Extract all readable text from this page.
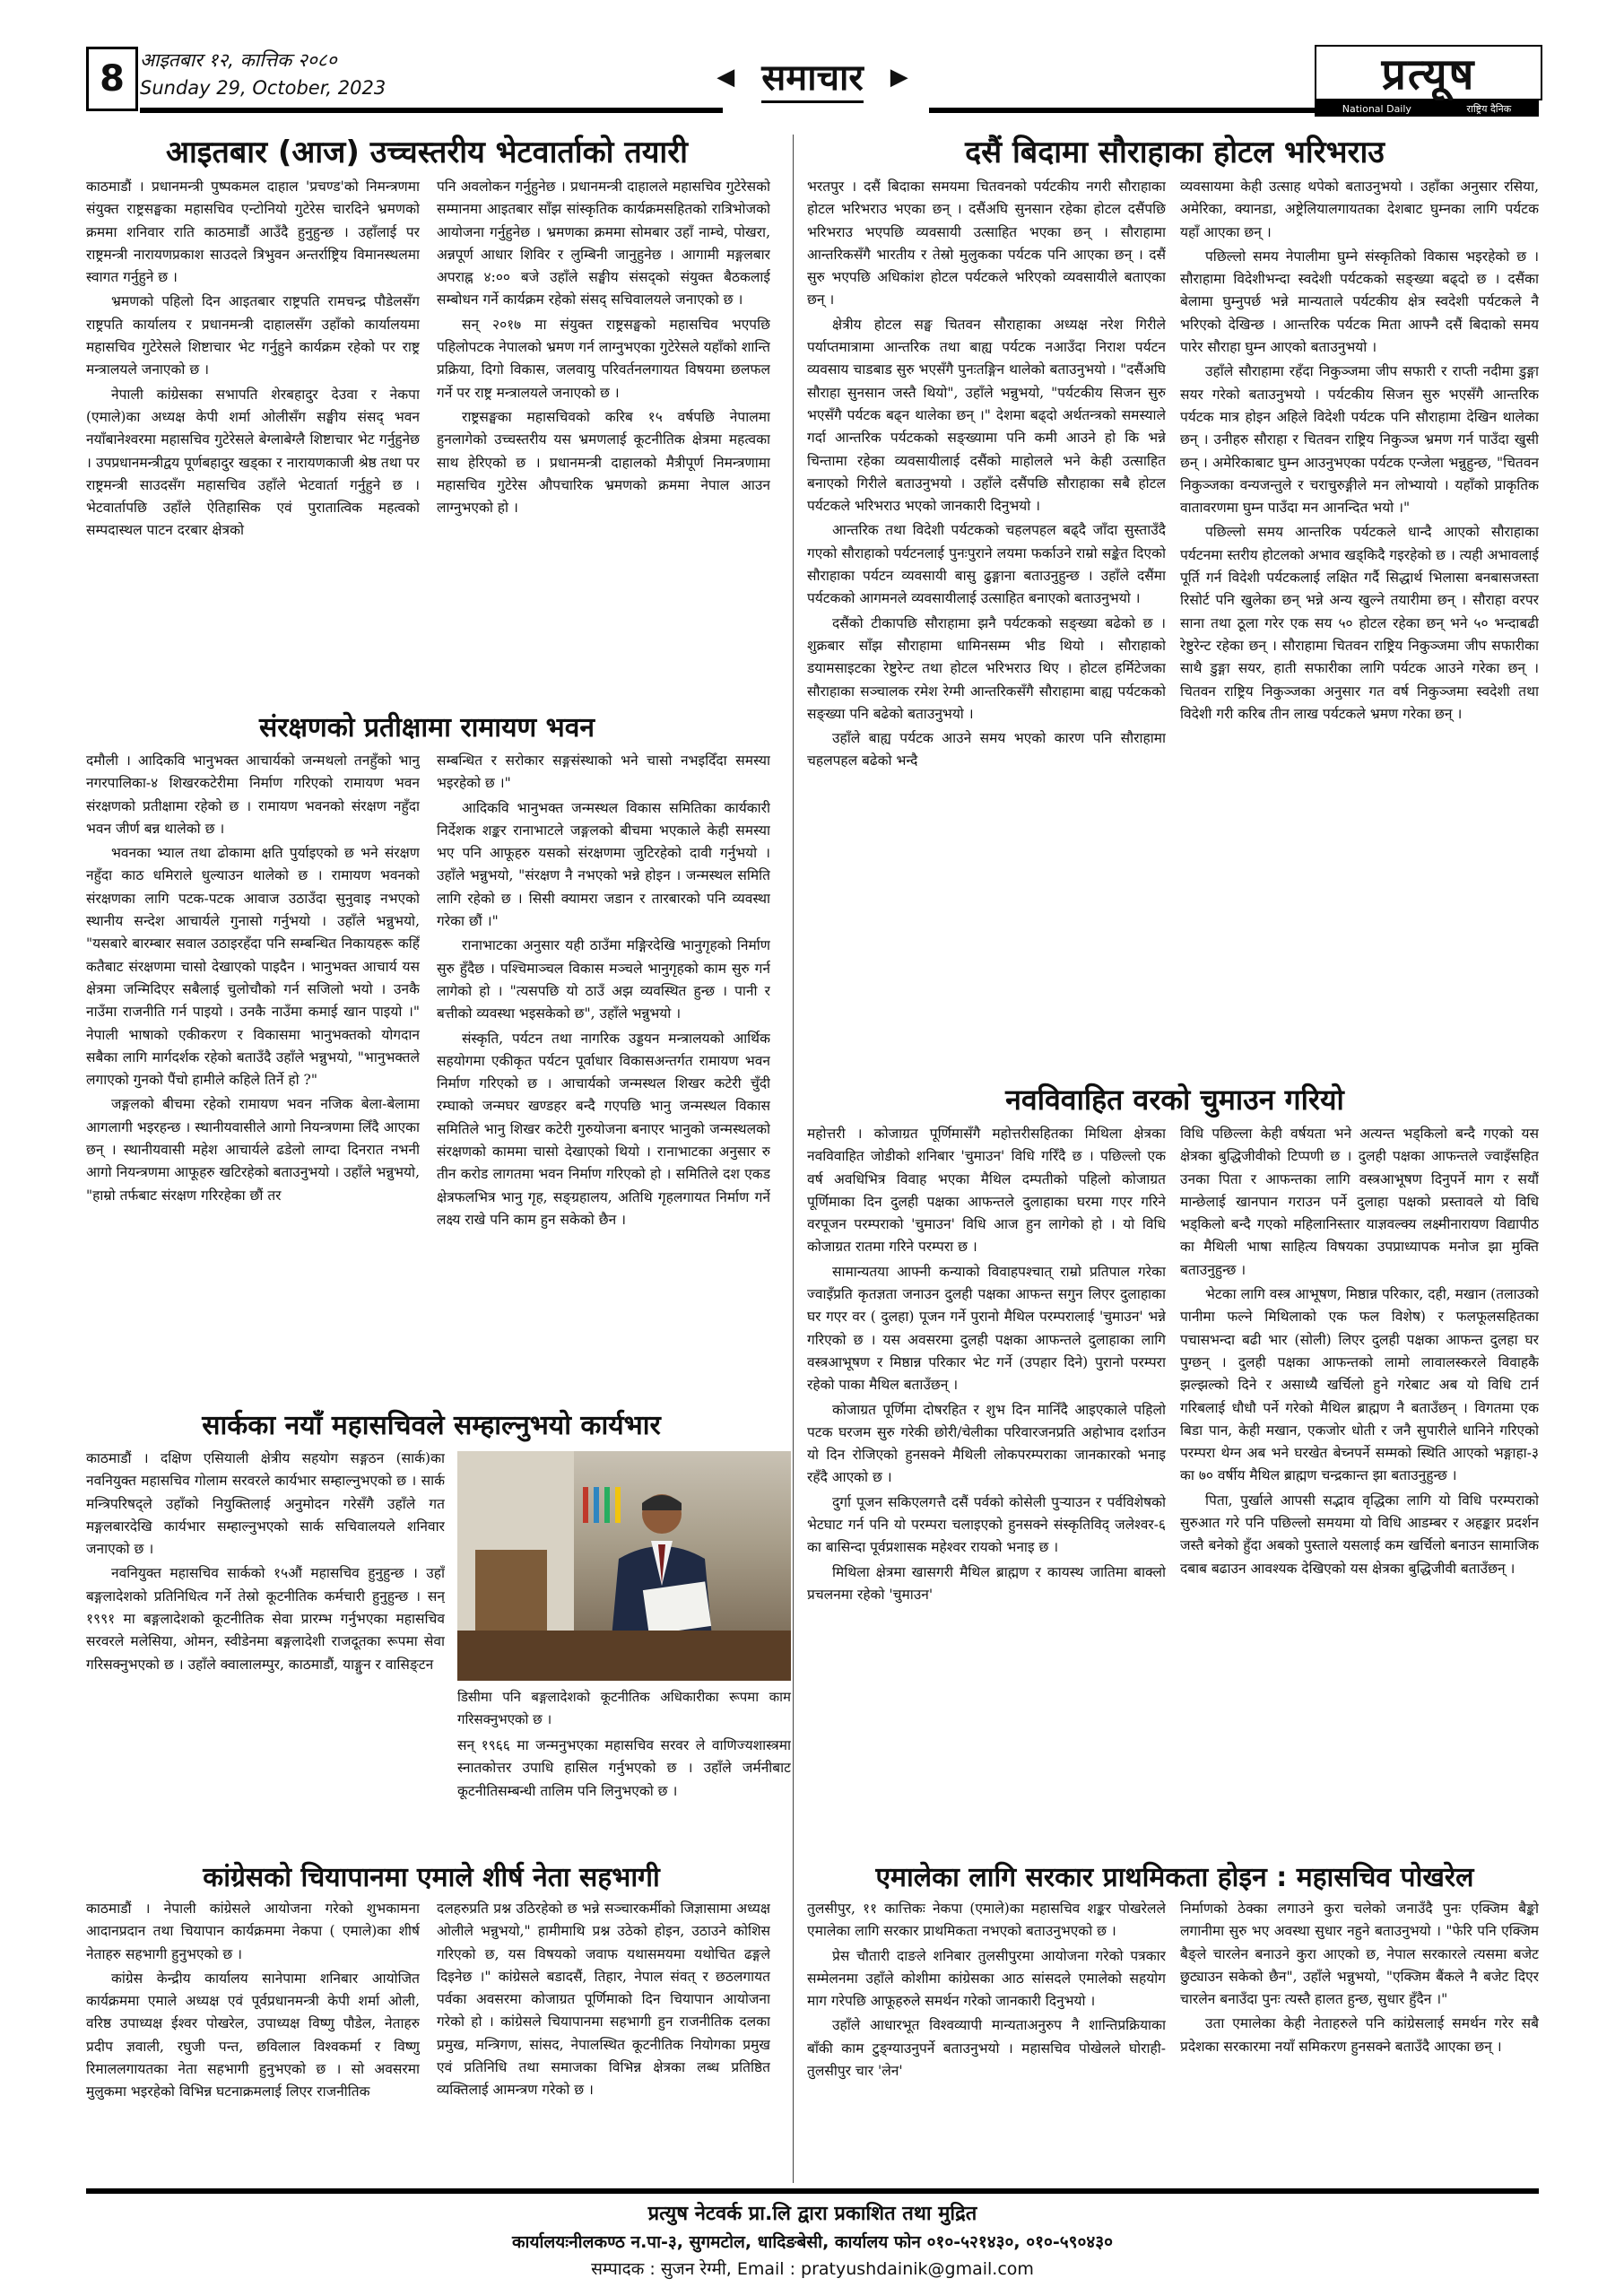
8 आइतबार १२, कात्तिक २०८०
Sunday 29, October, 2023	◀ समाचार ▶	प्रत्यूष
National Daily	राष्ट्रिय दैनिक
आइतबार (आज) उच्चस्तरीय भेटवार्ताको तयारी

काठमाडौं । प्रधानमन्त्री पुष्पकमल दाहाल 'प्रचण्ड'को निमन्त्रणमा संयुक्त राष्ट्रसङ्घका महासचिव एन्टोनियो गुटेरेस चारदिने भ्रमणको क्रममा शनिवार राति काठमाडौं आउँदै हुनुहुन्छ । उहाँलाई पर राष्ट्रमन्त्री नारायणप्रकाश साउदले त्रिभुवन अन्तर्राष्ट्रिय विमानस्थलमा स्वागत गर्नुहुने छ ।

भ्रमणको पहिलो दिन आइतबार राष्ट्रपति रामचन्द्र पौडेलसँग राष्ट्रपति कार्यालय र प्रधानमन्त्री दाहालसँग उहाँको कार्यालयमा महासचिव गुटेरेसले शिष्टाचार भेट गर्नुहुने कार्यक्रम रहेको पर राष्ट्र मन्त्रालयले जनाएको छ ।

नेपाली कांग्रेसका सभापति शेरबहादुर देउवा र नेकपा (एमाले)का अध्यक्ष केपी शर्मा ओलीसँग सङ्घीय संसद् भवन नयाँबानेश्वरमा महासचिव गुटेरेसले बेग्लाबेग्लै शिष्टाचार भेट गर्नुहुनेछ । उपप्रधानमन्त्रीद्वय पूर्णबहादुर खड्का र नारायणकाजी श्रेष्ठ तथा पर राष्ट्रमन्त्री साउदसँग महासचिव उहाँले भेटवार्ता गर्नुहुने छ । भेटवार्तापछि उहाँले ऐतिहासिक एवं पुरातात्विक महत्वको सम्पदास्थल पाटन दरबार क्षेत्रको

पनि अवलोकन गर्नुहुनेछ । प्रधानमन्त्री दाहालले महासचिव गुटेरेसको सम्मानमा आइतबार साँझ सांस्कृतिक कार्यक्रमसहितको रात्रिभोजको आयोजना गर्नुहुनेछ । भ्रमणका क्रममा सोमबार उहाँ नाम्चे, पोखरा, अन्नपूर्ण आधार शिविर र लुम्बिनी जानुहुनेछ । आगामी मङ्गलबार अपराह्न ४:०० बजे उहाँले सङ्घीय संसद्को संयुक्त बैठकलाई सम्बोधन गर्ने कार्यक्रम रहेको संसद् सचिवालयले जनाएको छ ।

सन् २०१७ मा संयुक्त राष्ट्रसङ्घको महासचिव भएपछि पहिलोपटक नेपालको भ्रमण गर्न लाग्नुभएका गुटेरेसले यहाँको शान्ति प्रक्रिया, दिगो विकास, जलवायु परिवर्तनलगायत विषयमा छलफल गर्ने पर राष्ट्र मन्त्रालयले जनाएको छ ।

राष्ट्रसङ्घका महासचिवको करिब १५ वर्षपछि नेपालमा हुनलागेको उच्चस्तरीय यस भ्रमणलाई कूटनीतिक क्षेत्रमा महत्वका साथ हेरिएको छ । प्रधानमन्त्री दाहालको मैत्रीपूर्ण निमन्त्रणामा महासचिव गुटेरेस औपचारिक भ्रमणको क्रममा नेपाल आउन लाग्नुभएको हो ।

संरक्षणको प्रतीक्षामा रामायण भवन

दमौली । आदिकवि भानुभक्त आचार्यको जन्मथलो तनहुँको भानु नगरपालिका-४ शिखरकटेरीमा निर्माण गरिएको रामायण भवन संरक्षणको प्रतीक्षामा रहेको छ । रामायण भवनको संरक्षण नहुँदा भवन जीर्ण बन्न थालेको छ ।

भवनका भ्याल तथा ढोकामा क्षति पुर्याइएको छ भने संरक्षण नहुँदा काठ धमिराले धुल्याउन थालेको छ । रामायण भवनको संरक्षणका लागि पटक-पटक आवाज उठाउँदा सुनुवाइ नभएको स्थानीय सन्देश आचार्यले गुनासो गर्नुभयो । उहाँले भन्नुभयो, "यसबारे बारम्बार सवाल उठाइरहँदा पनि सम्बन्धित निकायहरू कहिँ कतैबाट संरक्षणमा चासो देखाएको पाइदैन । भानुभक्त आचार्य यस क्षेत्रमा जन्मिदिएर सबैलाई चुलोचौको गर्न सजिलो भयो । उनकै नाउँमा राजनीति गर्न पाइयो । उनकै नाउँमा कमाई खान पाइयो ।" नेपाली भाषाको एकीकरण र विकासमा भानुभक्तको योगदान सबैका लागि मार्गदर्शक रहेको बताउँदै उहाँले भन्नुभयो, "भानुभक्तले लगाएको गुनको पैंचो हामीले कहिले तिर्ने हो ?"

जङ्गलको बीचमा रहेको रामायण भवन नजिक बेला-बेलामा आगलागी भइरहन्छ । स्थानीयवासीले आगो नियन्त्रणमा लिँदै आएका छन् । स्थानीयवासी महेश आचार्यले ढडेलो लाग्दा दिनरात नभनी आगो नियन्त्रणमा आफूहरु खटिरहेको बताउनुभयो । उहाँले भन्नुभयो, "हाम्रो तर्फबाट संरक्षण गरिरहेका छौं तर

सम्बन्धित र सरोकार सङ्गसंस्थाको भने चासो नभइदिँदा समस्या भइरहेको छ ।"

आदिकवि भानुभक्त जन्मस्थल विकास समितिका कार्यकारी निर्देशक शङ्कर रानाभाटले जङ्गलको बीचमा भएकाले केही समस्या भए पनि आफूहरु यसको संरक्षणमा जुटिरहेको दावी गर्नुभयो । उहाँले भन्नुभयो, "संरक्षण नै नभएको भन्ने होइन । जन्मस्थल समिति लागि रहेको छ । सिसी क्यामरा जडान र तारबारको पनि व्यवस्था गरेका छौं ।"

रानाभाटका अनुसार यही ठाउँमा मङ्गिरदेखि भानुगृहको निर्माण सुरु हुँदैछ । पश्चिमाञ्चल विकास मञ्चले भानुगृहको काम सुरु गर्न लागेको हो । "त्यसपछि यो ठाउँ अझ व्यवस्थित हुन्छ । पानी र बत्तीको व्यवस्था भइसकेको छ", उहाँले भन्नुभयो ।

संस्कृति, पर्यटन तथा नागरिक उड्डयन मन्त्रालयको आर्थिक सहयोगमा एकीकृत पर्यटन पूर्वाधार विकासअन्तर्गत रामायण भवन निर्माण गरिएको छ । आचार्यको जन्मस्थल शिखर कटेरी चुँदी रम्घाको जन्मघर खण्डहर बन्दै गएपछि भानु जन्मस्थल विकास समितिले भानु शिखर कटेरी गुरुयोजना बनाएर भानुको जन्मस्थलको संरक्षणको काममा चासो देखाएको थियो । रानाभाटका अनुसार रु तीन करोड लागतमा भवन निर्माण गरिएको हो । समितिले दश एकड क्षेत्रफलभित्र भानु गृह, सङ्ग्रहालय, अतिथि गृहलगायत निर्माण गर्ने लक्ष्य राखे पनि काम हुन सकेको छैन ।

सार्कका नयाँ महासचिवले सम्हाल्नुभयो कार्यभार

काठमाडौं । दक्षिण एसियाली क्षेत्रीय सहयोग सङ्गठन (सार्क)का नवनियुक्त महासचिव गोलाम सरवरले कार्यभार सम्हाल्नुभएको छ । सार्क मन्त्रिपरिषद्ले उहाँको नियुक्तिलाई अनुमोदन गरेसँगै उहाँले गत मङ्गलबारदेखि कार्यभार सम्हाल्नुभएको सार्क सचिवालयले शनिवार जनाएको छ ।

नवनियुक्त महासचिव सार्कको १५औं महासचिव हुनुहुन्छ । उहाँ बङ्गलादेशको प्रतिनिधित्व गर्ने तेस्रो कूटनीतिक कर्मचारी हुनुहुन्छ । सन् १९९१ मा बङ्गलादेशको कूटनीतिक सेवा प्रारम्भ गर्नुभएका महासचिव सरवरले मलेसिया, ओमन, स्वीडेनमा बङ्गलादेशी राजदूतका रूपमा सेवा गरिसक्नुभएको छ । उहाँले क्वालालम्पुर, काठमाडौं, याङ्गुन र वासिङ्टन

डिसीमा पनि बङ्गलादेशको कूटनीतिक अधिकारीका रूपमा काम गरिसक्नुभएको छ ।

सन् १९६६ मा जन्मनुभएका महासचिव सरवर ले वाणिज्यशास्त्रमा स्नातकोत्तर उपाधि हासिल गर्नुभएको छ । उहाँले जर्मनीबाट कूटनीतिसम्बन्धी तालिम पनि लिनुभएको छ ।

कांग्रेसको चियापानमा एमाले शीर्ष नेता सहभागी

काठमाडौं । नेपाली कांग्रेसले आयोजना गरेको शुभकामना आदानप्रदान तथा चियापान कार्यक्रममा नेकपा ( एमाले)का शीर्ष नेताहरु सहभागी हुनुभएको छ ।

कांग्रेस केन्द्रीय कार्यालय सानेपामा शनिबार आयोजित कार्यक्रममा एमाले अध्यक्ष एवं पूर्वप्रधानमन्त्री केपी शर्मा ओली, वरिष्ठ उपाध्यक्ष ईश्वर पोखरेल, उपाध्यक्ष विष्णु पौडेल, नेताहरु प्रदीप ज्ञवाली, रघुजी पन्त, छविलाल विश्वकर्मा र विष्णु रिमाललगायतका नेता सहभागी हुनुभएको छ । सो अवसरमा मुलुकमा भइरहेको विभिन्न घटनाक्रमलाई लिएर राजनीतिक

दलहरुप्रति प्रश्न उठिरहेको छ भन्ने सञ्चारकर्मीको जिज्ञासामा अध्यक्ष ओलीले भन्नुभयो," हामीमाथि प्रश्न उठेको होइन, उठाउने कोशिस गरिएको छ, यस विषयको जवाफ यथासमयमा यथोचित ढङ्गले दिइनेछ ।" कांग्रेसले बडादसैं, तिहार, नेपाल संवत् र छठलगायत पर्वका अवसरमा कोजाग्रत पूर्णिमाको दिन चियापान आयोजना गरेको हो । कांग्रेसले चियापानमा सहभागी हुन राजनीतिक दलका प्रमुख, मन्त्रिगण, सांसद, नेपालस्थित कूटनीतिक नियोगका प्रमुख एवं प्रतिनिधि तथा समाजका विभिन्न क्षेत्रका लब्ध प्रतिष्ठित व्यक्तिलाई आमन्त्रण गरेको छ ।

दसैं बिदामा सौराहाका होटल भरिभराउ

भरतपुर । दसैं बिदाका समयमा चितवनको पर्यटकीय नगरी सौराहाका होटल भरिभराउ भएका छन् । दसैंअघि सुनसान रहेका होटल दसैंपछि भरिभराउ भएपछि व्यवसायी उत्साहित भएका छन् । सौराहामा आन्तरिकसँगै भारतीय र तेस्रो मुलुकका पर्यटक पनि आएका छन् । दसैं सुरु भएपछि अधिकांश होटल पर्यटकले भरिएको व्यवसायीले बताएका छन् ।

क्षेत्रीय होटल सङ्घ चितवन सौराहाका अध्यक्ष नरेश गिरीले पर्याप्तमात्रामा आन्तरिक तथा बाह्य पर्यटक नआउँदा निराश पर्यटन व्यवसाय चाडबाड सुरु भएसँगै पुनःतङ्गिन थालेको बताउनुभयो । "दसैंअघि सौराहा सुनसान जस्तै थियो", उहाँले भन्नुभयो, "पर्यटकीय सिजन सुरु भएसँगै पर्यटक बढ्न थालेका छन् ।" देशमा बढ्दो अर्थतन्त्रको समस्याले गर्दा आन्तरिक पर्यटकको सङ्ख्यामा पनि कमी आउने हो कि भन्ने चिन्तामा रहेका व्यवसायीलाई दसैंको माहोलले भने केही उत्साहित बनाएको गिरीले बताउनुभयो । उहाँले दसैंपछि सौराहाका सबै होटल पर्यटकले भरिभराउ भएको जानकारी दिनुभयो ।

आन्तरिक तथा विदेशी पर्यटकको चहलपहल बढ्दै जाँदा सुस्ताउँदै गएको सौराहाको पर्यटनलाई पुनःपुराने लयमा फर्काउने राम्रो सङ्केत दिएको सौराहाका पर्यटन व्यवसायी बासु ढुङ्गाना बताउनुहुन्छ । उहाँले दसैंमा पर्यटकको आगमनले व्यवसायीलाई उत्साहित बनाएको बताउनुभयो ।

दसैंको टीकापछि सौराहामा झनै पर्यटकको सङ्ख्या बढेको छ । शुक्रबार साँझ सौराहामा धामिनसम्म भीड थियो । सौराहाको डयामसाइटका रेष्टुरेन्ट तथा होटल भरिभराउ थिए । होटल हर्मिटेजका सौराहाका सञ्चालक रमेश रेग्मी आन्तरिकसँगै सौराहामा बाह्य पर्यटकको सङ्ख्या पनि बढेको बताउनुभयो ।

उहाँले बाह्य पर्यटक आउने समय भएको कारण पनि सौराहामा चहलपहल बढेको भन्दै

व्यवसायमा केही उत्साह थपेको बताउनुभयो । उहाँका अनुसार रसिया, अमेरिका, क्यानडा, अष्ट्रेलियालगायतका देशबाट घुम्नका लागि पर्यटक यहाँ आएका छन् ।

पछिल्लो समय नेपालीमा घुम्ने संस्कृतिको विकास भइरहेको छ । सौराहामा विदेशीभन्दा स्वदेशी पर्यटकको सङ्ख्या बढ्दो छ । दसैंका बेलामा घुम्नुपर्छ भन्ने मान्यताले पर्यटकीय क्षेत्र स्वदेशी पर्यटकले नै भरिएको देखिन्छ । आन्तरिक पर्यटक मिता आफ्नै दसैं बिदाको समय पारेर सौराहा घुम्न आएको बताउनुभयो ।

उहाँले सौराहामा रहँदा निकुञ्जमा जीप सफारी र राप्ती नदीमा डुङ्गा सयर गरेको बताउनुभयो । पर्यटकीय सिजन सुरु भएसँगै आन्तरिक पर्यटक मात्र होइन अहिले विदेशी पर्यटक पनि सौराहामा देखिन थालेका छन् । उनीहरु सौराहा र चितवन राष्ट्रिय निकुञ्ज भ्रमण गर्न पाउँदा खुसी छन् । अमेरिकाबाट घुम्न आउनुभएका पर्यटक एन्जेला भन्नुहुन्छ, "चितवन निकुञ्जका वन्यजन्तुले र चराचुरुङ्गीले मन लोभ्यायो । यहाँको प्राकृतिक वातावरणमा घुम्न पाउँदा मन आनन्दित भयो ।"

पछिल्लो समय आन्तरिक पर्यटकले धान्दै आएको सौराहाका पर्यटनमा स्तरीय होटलको अभाव खड्किदै गइरहेको छ । त्यही अभावलाई पूर्ति गर्न विदेशी पर्यटकलाई लक्षित गर्दै सिद्धार्थ भिलासा बनबासजस्ता रिसोर्ट पनि खुलेका छन् भन्ने अन्य खुल्ने तयारीमा छन् । सौराहा वरपर साना तथा ठूला गरेर एक सय ५० होटल रहेका छन् भने ५० भन्दाबढी रेष्टुरेन्ट रहेका छन् । सौराहामा चितवन राष्ट्रिय निकुञ्जमा जीप सफारीका साथै डुङ्गा सयर, हाती सफारीका लागि पर्यटक आउने गरेका छन् । चितवन राष्ट्रिय निकुञ्जका अनुसार गत वर्ष निकुञ्जमा स्वदेशी तथा विदेशी गरी करिब तीन लाख पर्यटकले भ्रमण गरेका छन् ।

नवविवाहित वरको चुमाउन गरियो

महोत्तरी । कोजाग्रत पूर्णिमासँगै महोत्तरीसहितका मिथिला क्षेत्रका नवविवाहित जोडीको शनिबार 'चुमाउन' विधि गरिँदै छ । पछिल्लो एक वर्ष अवधिभित्र विवाह भएका मैथिल दम्पतीको पहिलो कोजाग्रत पूर्णिमाका दिन दुलही पक्षका आफन्तले दुलाहाका घरमा गएर गरिने वरपूजन परम्पराको 'चुमाउन' विधि आज हुन लागेको हो । यो विधि कोजाग्रत रातमा गरिने परम्परा छ ।

सामान्यतया आफ्नी कन्याको विवाहपश्चात् राम्रो प्रतिपाल गरेका ज्वाइँप्रति कृतज्ञता जनाउन दुलही पक्षका आफन्त सगुन लिएर दुलाहाका घर गएर वर ( दुलहा) पूजन गर्ने पुरानो मैथिल परम्परालाई 'चुमाउन' भन्ने गरिएको छ । यस अवसरमा दुलही पक्षका आफन्तले दुलाहाका लागि वस्त्रआभूषण र मिष्ठान्न परिकार भेट गर्ने (उपहार दिने) पुरानो परम्परा रहेको पाका मैथिल बताउँछन् ।

कोजाग्रत पूर्णिमा दोषरहित र शुभ दिन मानिँदै आइएकाले पहिलो पटक घरजम सुरु गरेकी छोरी/चेलीका परिवारजनप्रति अहोभाव दर्शाउन यो दिन रोजिएको हुनसक्ने मैथिली लोकपरम्पराका जानकारको भनाइ रहँदै आएको छ ।

दुर्गा पूजन सकिएलगत्तै दसैं पर्वको कोसेली पुऱ्याउन र पर्वविशेषको भेटघाट गर्न पनि यो परम्परा चलाइएको हुनसक्ने संस्कृतिविद् जलेश्वर-६ का बासिन्दा पूर्वप्रशासक महेश्वर रायको भनाइ छ ।

मिथिला क्षेत्रमा खासगरी मैथिल ब्राह्मण र कायस्थ जातिमा बाक्लो प्रचलनमा रहेको 'चुमाउन'

विधि पछिल्ला केही वर्षयता भने अत्यन्त भड्किलो बन्दै गएको यस क्षेत्रका बुद्धिजीवीको टिप्पणी छ । दुलही पक्षका आफन्तले ज्वाइँसहित उनका पिता र आफन्तका लागि वस्त्रआभूषण दिनुपर्ने माग र सयौं मान्छेलाई खानपान गराउन पर्ने दुलाहा पक्षको प्रस्तावले यो विधि भड्किलो बन्दै गएको महिलानिस्तार याज्ञवल्क्य लक्ष्मीनारायण विद्यापीठ का मैथिली भाषा साहित्य विषयका उपप्राध्यापक मनोज झा मुक्ति बताउनुहुन्छ ।

भेटका लागि वस्त्र आभूषण, मिष्ठान्न परिकार, दही, मखान (तलाउको पानीमा फल्ने मिथिलाको एक फल विशेष) र फलफूलसहितका पचासभन्दा बढी भार (सोली) लिएर दुलही पक्षका आफन्त दुलहा घर पुग्छन् । दुलही पक्षका आफन्तको लामो लावालस्करले विवाहकै झल्झल्को दिने र असाध्यै खर्चिलो हुने गरेबाट अब यो विधि टार्न गरिबलाई धौधौ पर्ने गरेको मैथिल ब्राह्मण नै बताउँछन् । विगतमा एक बिडा पान, केही मखान, एकजोर धोती र जनै सुपारीले धानिने गरिएको परम्परा थेग्न अब भने घरखेत बेच्नपर्ने सम्मको स्थिति आएको भङ्गाहा-३ का ७० वर्षीय मैथिल ब्राह्मण चन्द्रकान्त झा बताउनुहुन्छ ।

पिता, पुर्खाले आपसी सद्भाव वृद्धिका लागि यो विधि परम्पराको सुरुआत गरे पनि पछिल्लो समयमा यो विधि आडम्बर र अहङ्कार प्रदर्शन जस्तै बनेको हुँदा अबको पुस्ताले यसलाई कम खर्चिलो बनाउन सामाजिक दबाब बढाउन आवश्यक देखिएको यस क्षेत्रका बुद्धिजीवी बताउँछन् ।

एमालेका लागि सरकार प्राथमिकता होइन : महासचिव पोखरेल

तुलसीपुर, ११ कात्तिकः नेकपा (एमाले)का महासचिव शङ्कर पोखरेलले एमालेका लागि सरकार प्राथमिकता नभएको बताउनुभएको छ ।

प्रेस चौतारी दाङले शनिबार तुलसीपुरमा आयोजना गरेको पत्रकार सम्मेलनमा उहाँले कोशीमा कांग्रेसका आठ सांसदले एमालेको सहयोग माग गरेपछि आफूहरुले समर्थन गरेको जानकारी दिनुभयो ।

उहाँले आधारभूत विश्वव्यापी मान्यताअनुरुप नै शान्तिप्रक्रियाका बाँकी काम टुङ्ग्याउनुपर्ने बताउनुभयो । महासचिव पोखेलले घोराही-तुलसीपुर चार 'लेन'

निर्माणको ठेक्का लगाउने कुरा चलेको जनाउँदै पुनः एक्जिम बैङ्को लगानीमा सुरु भए अवस्था सुधार नहुने बताउनुभयो । "फेरि पनि एक्जिम बैङ्ले चारलेन बनाउने कुरा आएको छ, नेपाल सरकारले त्यसमा बजेट छुट्याउन सकेको छैन", उहाँले भन्नुभयो, "एक्जिम बैंकले नै बजेट दिएर चारलेन बनाउँदा पुनः त्यस्तै हालत हुन्छ, सुधार हुँदैन ।"

उता एमालेका केही नेताहरुले पनि कांग्रेसलाई समर्थन गरेर सबै प्रदेशका सरकारमा नयाँ समिकरण हुनसक्ने बताउँदै आएका छन् ।

प्रत्युष नेटवर्क प्रा.लि द्वारा प्रकाशित तथा मुद्रित
कार्यालयःनीलकण्ठ न.पा-३, सुगमटोल, धादिङबेसी, कार्यालय फोन ०१०-५२१४३०, ०१०-५९०४३०
सम्पादक : सुजन रेग्मी, Email : pratyushdainik@gmail.com
